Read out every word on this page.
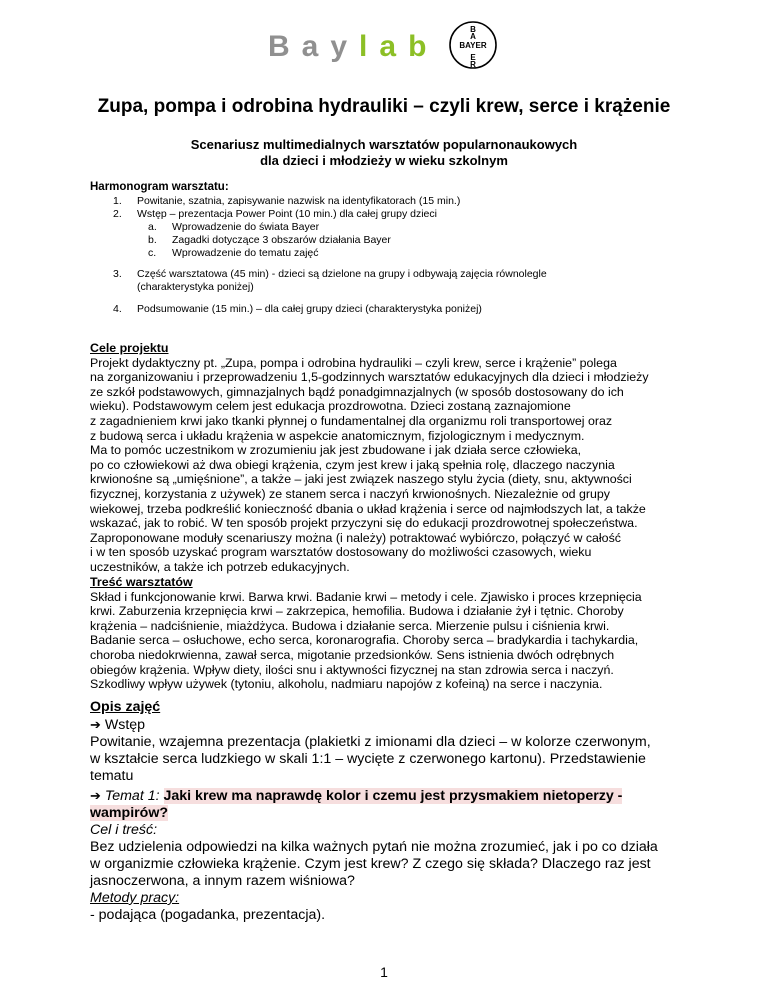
Baylab
B
A
E
R
BAYER
Zupa, pompa i odrobina hydrauliki – czyli krew, serce i krążenie
Scenariusz multimedialnych warsztatów popularnonaukowych
dla dzieci i młodzieży w wieku szkolnym
Harmonogram warsztatu:
1. Powitanie, szatnia, zapisywanie nazwisk na identyfikatorach (15 min.)
2. Wstęp – prezentacja Power Point (10 min.) dla całej grupy dzieci
a. Wprowadzenie do świata Bayer
b. Zagadki dotyczące 3 obszarów działania Bayer
c. Wprowadzenie do tematu zajęć
3. Część warsztatowa (45 min) - dzieci są dzielone na grupy i odbywają zajęcia równolegle
(charakterystyka poniżej)
4. Podsumowanie (15 min.) – dla całej grupy dzieci (charakterystyka poniżej)
Cele projektu
Projekt dydaktyczny pt. „Zupa, pompa i odrobina hydrauliki – czyli krew, serce i krążenie” polega
na zorganizowaniu i przeprowadzeniu 1,5-godzinnych warsztatów edukacyjnych dla dzieci i młodzieży
ze szkół podstawowych, gimnazjalnych bądź ponadgimnazjalnych (w sposób dostosowany do ich
wieku). Podstawowym celem jest edukacja prozdrowotna. Dzieci zostaną zaznajomione
z zagadnieniem krwi jako tkanki płynnej o fundamentalnej dla organizmu roli transportowej oraz
z budową serca i układu krążenia w aspekcie anatomicznym, fizjologicznym i medycznym.
Ma to pomóc uczestnikom w zrozumieniu jak jest zbudowane i jak działa serce człowieka,
po co człowiekowi aż dwa obiegi krążenia, czym jest krew i jaką spełnia rolę, dlaczego naczynia
krwionośne są „umięśnione”, a także – jaki jest związek naszego stylu życia (diety, snu, aktywności
fizycznej, korzystania z używek) ze stanem serca i naczyń krwionośnych. Niezależnie od grupy
wiekowej, trzeba podkreślić konieczność dbania o układ krążenia i serce od najmłodszych lat, a także
wskazać, jak to robić. W ten sposób projekt przyczyni się do edukacji prozdrowotnej społeczeństwa.
Zaproponowane moduły scenariuszy można (i należy) potraktować wybiórczo, połączyć w całość
i w ten sposób uzyskać program warsztatów dostosowany do możliwości czasowych, wieku
uczestników, a także ich potrzeb edukacyjnych.
Treść warsztatów
Skład i funkcjonowanie krwi. Barwa krwi. Badanie krwi – metody i cele. Zjawisko i proces krzepnięcia
krwi. Zaburzenia krzepnięcia krwi – zakrzepica, hemofilia. Budowa i działanie żył i tętnic. Choroby
krążenia – nadciśnienie, miażdżyca. Budowa i działanie serca. Mierzenie pulsu i ciśnienia krwi.
Badanie serca – osłuchowe, echo serca, koronarografia. Choroby serca – bradykardia i tachykardia,
choroba niedokrwienna, zawał serca, migotanie przedsionków. Sens istnienia dwóch odrębnych
obiegów krążenia. Wpływ diety, ilości snu i aktywności fizycznej na stan zdrowia serca i naczyń.
Szkodliwy wpływ używek (tytoniu, alkoholu, nadmiaru napojów z kofeiną) na serce i naczynia.
Opis zajęć
➔ Wstęp
Powitanie, wzajemna prezentacja (plakietki z imionami dla dzieci – w kolorze czerwonym,
w kształcie serca ludzkiego w skali 1:1 – wycięte z czerwonego kartonu). Przedstawienie
tematu
➔ Temat 1: Jaki krew ma naprawdę kolor i czemu jest przysmakiem nietoperzy -
wampirów?
Cel i treść:
Bez udzielenia odpowiedzi na kilka ważnych pytań nie można zrozumieć, jak i po co działa
w organizmie człowieka krążenie. Czym jest krew? Z czego się składa? Dlaczego raz jest
jasnoczerwona, a innym razem wiśniowa?
Metody pracy:
- podająca (pogadanka, prezentacja).
1
